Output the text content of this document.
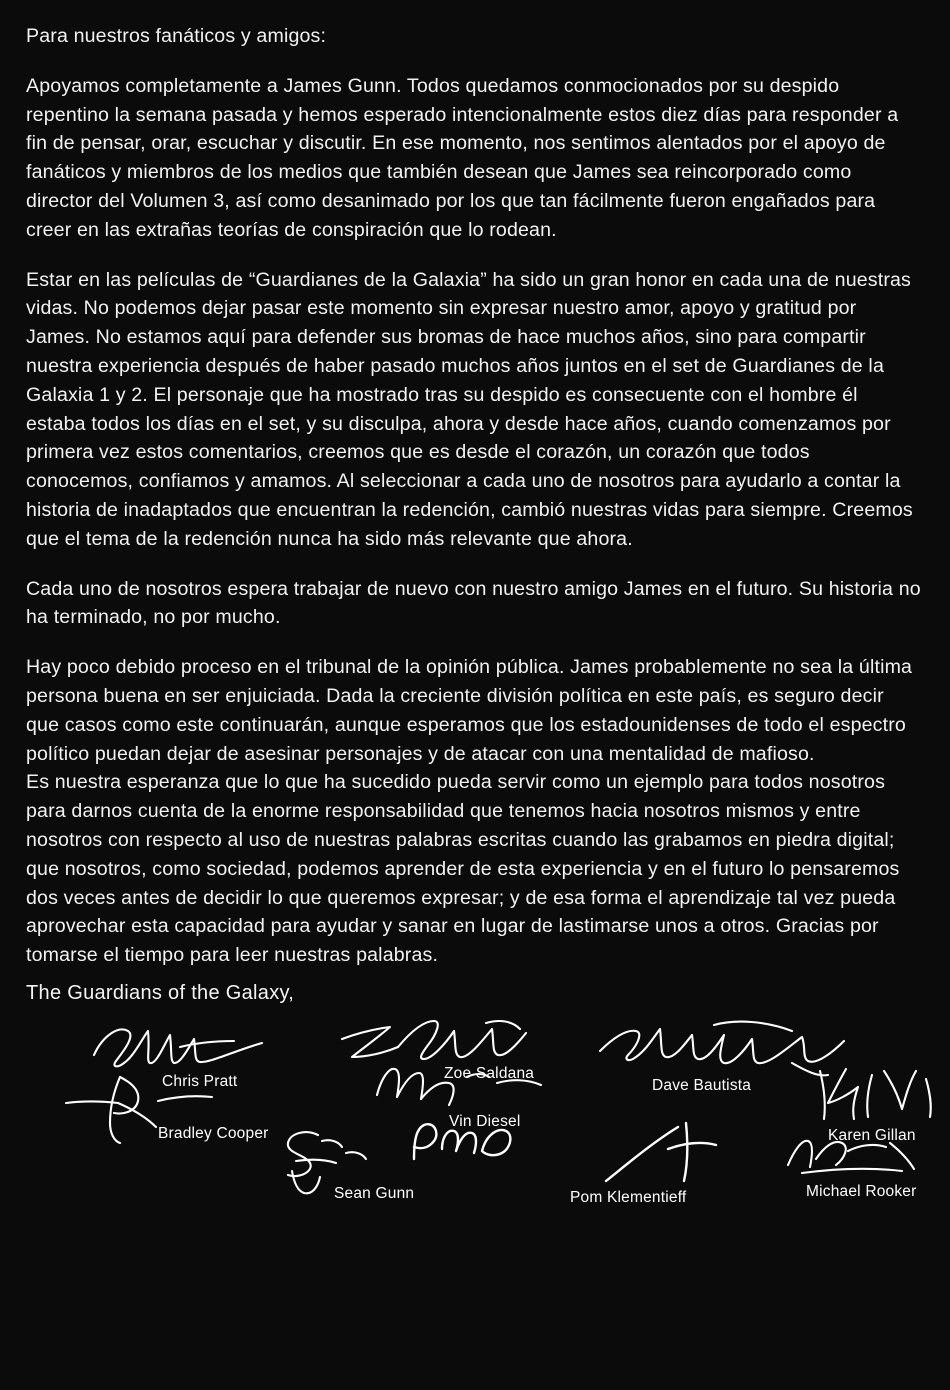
Para nuestros fanáticos y amigos:

Apoyamos completamente a James Gunn. Todos quedamos conmocionados por su despido repentino la semana pasada y hemos esperado intencionalmente estos diez días para responder a fin de pensar, orar, escuchar y discutir. En ese momento, nos sentimos alentados por el apoyo de fanáticos y miembros de los medios que también desean que James sea reincorporado como director del Volumen 3, así como desanimado por los que tan fácilmente fueron engañados para creer en las extrañas teorías de conspiración que lo rodean.

Estar en las películas de “Guardianes de la Galaxia” ha sido un gran honor en cada una de nuestras vidas. No podemos dejar pasar este momento sin expresar nuestro amor, apoyo y gratitud por James. No estamos aquí para defender sus bromas de hace muchos años, sino para compartir nuestra experiencia después de haber pasado muchos años juntos en el set de Guardianes de la Galaxia 1 y 2. El personaje que ha mostrado tras su despido es consecuente con el hombre él estaba todos los días en el set, y su disculpa, ahora y desde hace años, cuando comenzamos por primera vez estos comentarios, creemos que es desde el corazón, un corazón que todos conocemos, confiamos y amamos. Al seleccionar a cada uno de nosotros para ayudarlo a contar la historia de inadaptados que encuentran la redención, cambió nuestras vidas para siempre. Creemos que el tema de la redención nunca ha sido más relevante que ahora.

Cada uno de nosotros espera trabajar de nuevo con nuestro amigo James en el futuro. Su historia no ha terminado, no por mucho.

Hay poco debido proceso en el tribunal de la opinión pública. James probablemente no sea la última persona buena en ser enjuiciada. Dada la creciente división política en este país, es seguro decir que casos como este continuarán, aunque esperamos que los estadounidenses de todo el espectro político puedan dejar de asesinar personajes y de atacar con una mentalidad de mafioso.

Es nuestra esperanza que lo que ha sucedido pueda servir como un ejemplo para todos nosotros para darnos cuenta de la enorme responsabilidad que tenemos hacia nosotros mismos y entre nosotros con respecto al uso de nuestras palabras escritas cuando las grabamos en piedra digital; que nosotros, como sociedad, podemos aprender de esta experiencia y en el futuro lo pensaremos dos veces antes de decidir lo que queremos expresar; y de esa forma el aprendizaje tal vez pueda aprovechar esta capacidad para ayudar y sanar en lugar de lastimarse unos a otros. Gracias por tomarse el tiempo para leer nuestras palabras.

The Guardians of the Galaxy,

Chris Pratt	Zoe Saldana
Dave Bautista
Karen Gillan
Bradley Cooper
Vin Diesel
Sean Gunn	Pom Klementieff	Michael Rooker
